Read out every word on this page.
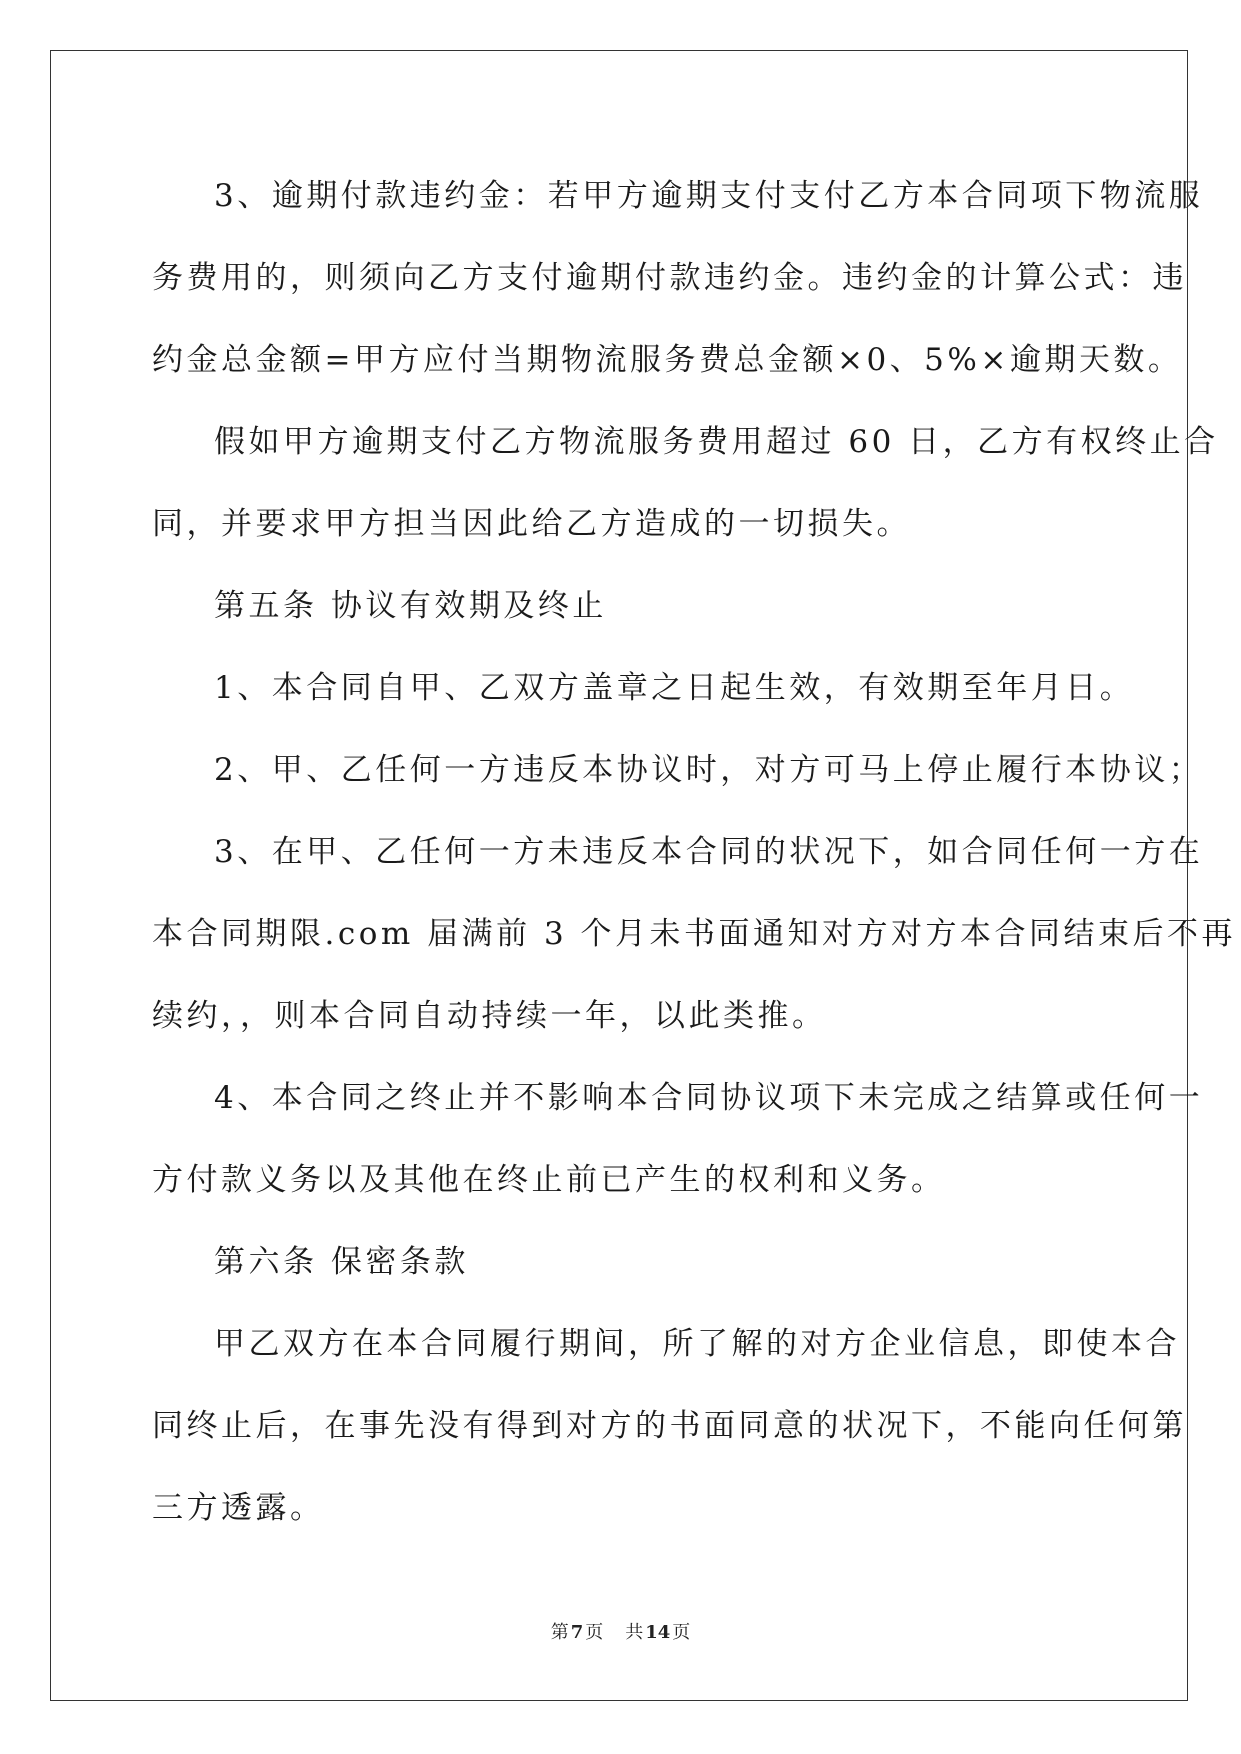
3、逾期付款违约金：若甲方逾期支付支付乙方本合同项下物流服
务费用的，则须向乙方支付逾期付款违约金。违约金的计算公式：违
约金总金额=甲方应付当期物流服务费总金额×0、5%×逾期天数。
假如甲方逾期支付乙方物流服务费用超过 60 日，乙方有权终止合
同，并要求甲方担当因此给乙方造成的一切损失。
第五条 协议有效期及终止
1、本合同自甲、乙双方盖章之日起生效，有效期至年月日。
2、甲、乙任何一方违反本协议时，对方可马上停止履行本协议；
3、在甲、乙任何一方未违反本合同的状况下，如合同任何一方在
本合同期限.com 届满前 3 个月未书面通知对方对方本合同结束后不再
续约，，则本合同自动持续一年，以此类推。
4、本合同之终止并不影响本合同协议项下未完成之结算或任何一
方付款义务以及其他在终止前已产生的权利和义务。
第六条 保密条款
甲乙双方在本合同履行期间，所了解的对方企业信息，即使本合
同终止后，在事先没有得到对方的书面同意的状况下，不能向任何第
三方透露。
第 7 页 共 14 页
